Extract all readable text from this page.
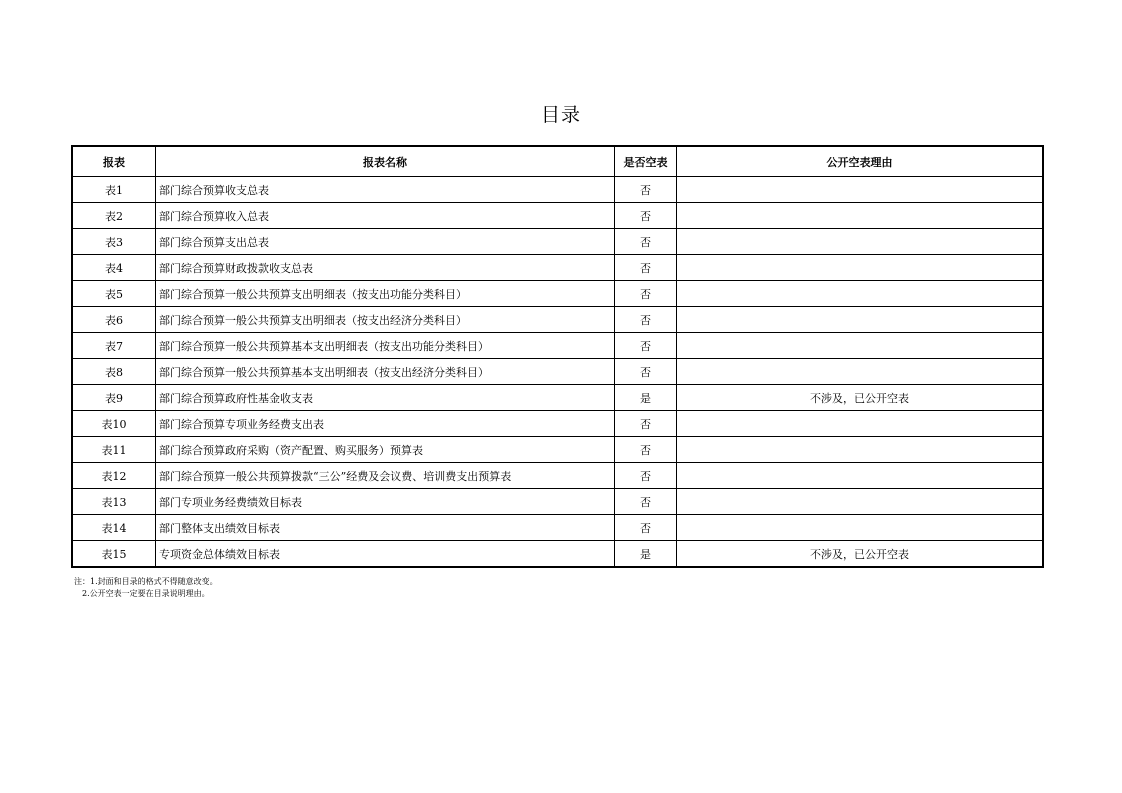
目录
报表	报表名称	是否空表	公开空表理由
表1	部门综合预算收支总表	否	
表2	部门综合预算收入总表	否	
表3	部门综合预算支出总表	否	
表4	部门综合预算财政拨款收支总表	否	
表5	部门综合预算一般公共预算支出明细表（按支出功能分类科目）	否	
表6	部门综合预算一般公共预算支出明细表（按支出经济分类科目）	否	
表7	部门综合预算一般公共预算基本支出明细表（按支出功能分类科目）	否	
表8	部门综合预算一般公共预算基本支出明细表（按支出经济分类科目）	否	
表9	部门综合预算政府性基金收支表	是	不涉及，已公开空表
表10	部门综合预算专项业务经费支出表	否	
表11	部门综合预算政府采购（资产配置、购买服务）预算表	否	
表12	部门综合预算一般公共预算拨款“三公”经费及会议费、培训费支出预算表	否	
表13	部门专项业务经费绩效目标表	否	
表14	部门整体支出绩效目标表	否	
表15	专项资金总体绩效目标表	是	不涉及，已公开空表
注：1.封面和目录的格式不得随意改变。
2.公开空表一定要在目录说明理由。
